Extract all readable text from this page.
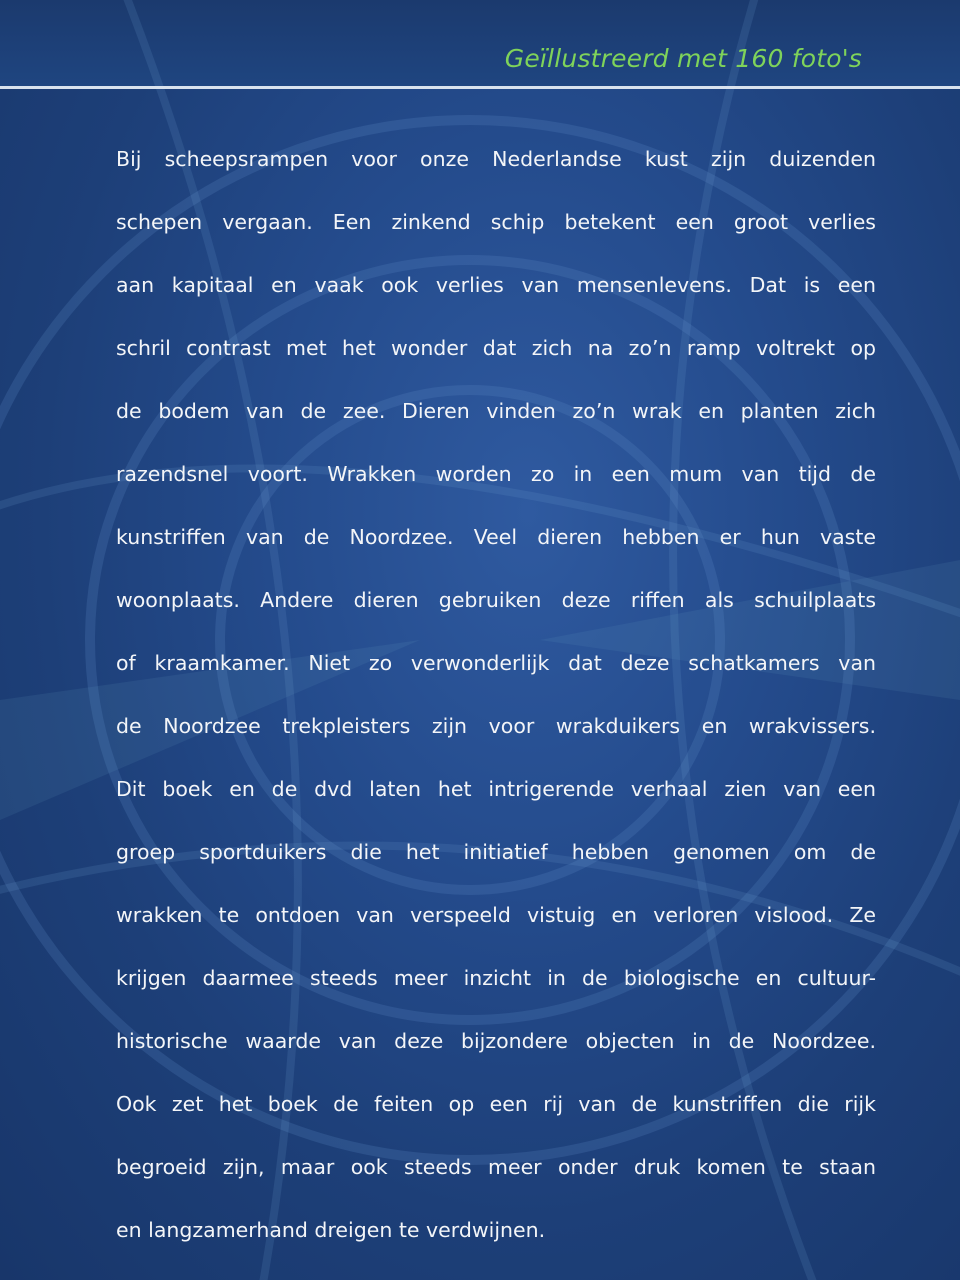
Geïllustreerd met 160 foto's
Bij scheepsrampen voor onze Nederlandse kust zijn duizenden
schepen vergaan. Een zinkend schip betekent een groot verlies
aan kapitaal en vaak ook verlies van mensenlevens. Dat is een
schril contrast met het wonder dat zich na zo’n ramp voltrekt op
de bodem van de zee. Dieren vinden zo’n wrak en planten zich
razendsnel voort. Wrakken worden zo in een mum van tijd de
kunstriffen van de Noordzee. Veel dieren hebben er hun vaste
woonplaats. Andere dieren gebruiken deze riffen als schuilplaats
of kraamkamer. Niet zo verwonderlijk dat deze schatkamers van
de Noordzee trekpleisters zijn voor wrakduikers en wrakvissers.
Dit boek en de dvd laten het intrigerende verhaal zien van een
groep sportduikers die het initiatief hebben genomen om de
wrakken te ontdoen van verspeeld vistuig en verloren vislood. Ze
krijgen daarmee steeds meer inzicht in de biologische en cultuur-
historische waarde van deze bijzondere objecten in de Noordzee.
Ook zet het boek de feiten op een rij van de kunstriffen die rijk
begroeid zijn, maar ook steeds meer onder druk komen te staan
en langzamerhand dreigen te verdwijnen.
